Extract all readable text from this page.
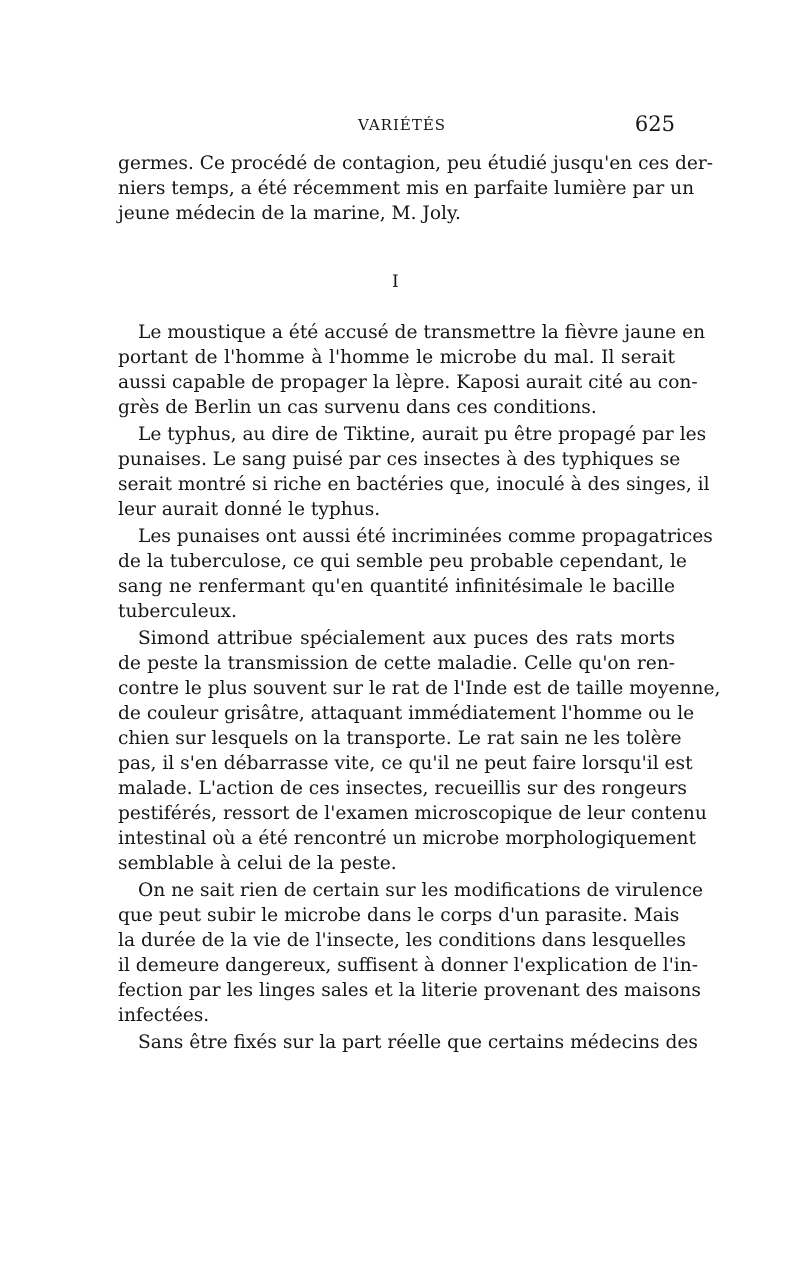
VARIÉTÉS	625
germes. Ce procédé de contagion, peu étudié jusqu'en ces der-
niers temps, a été récemment mis en parfaite lumière par un
jeune médecin de la marine, M. Joly.
I
Le moustique a été accusé de transmettre la fièvre jaune en
portant de l'homme à l'homme le microbe du mal. Il serait
aussi capable de propager la lèpre. Kaposi aurait cité au con-
grès de Berlin un cas survenu dans ces conditions.
Le typhus, au dire de Tiktine, aurait pu être propagé par les
punaises. Le sang puisé par ces insectes à des typhiques se
serait montré si riche en bactéries que, inoculé à des singes, il
leur aurait donné le typhus.
Les punaises ont aussi été incriminées comme propagatrices
de la tuberculose, ce qui semble peu probable cependant, le
sang ne renfermant qu'en quantité infinitésimale le bacille
tuberculeux.
Simond attribue spécialement aux puces des rats morts
de peste la transmission de cette maladie. Celle qu'on ren-
contre le plus souvent sur le rat de l'Inde est de taille moyenne,
de couleur grisâtre, attaquant immédiatement l'homme ou le
chien sur lesquels on la transporte. Le rat sain ne les tolère
pas, il s'en débarrasse vite, ce qu'il ne peut faire lorsqu'il est
malade. L'action de ces insectes, recueillis sur des rongeurs
pestiférés, ressort de l'examen microscopique de leur contenu
intestinal où a été rencontré un microbe morphologiquement
semblable à celui de la peste.
On ne sait rien de certain sur les modifications de virulence
que peut subir le microbe dans le corps d'un parasite. Mais
la durée de la vie de l'insecte, les conditions dans lesquelles
il demeure dangereux, suffisent à donner l'explication de l'in-
fection par les linges sales et la literie provenant des maisons
infectées.
Sans être fixés sur la part réelle que certains médecins des
